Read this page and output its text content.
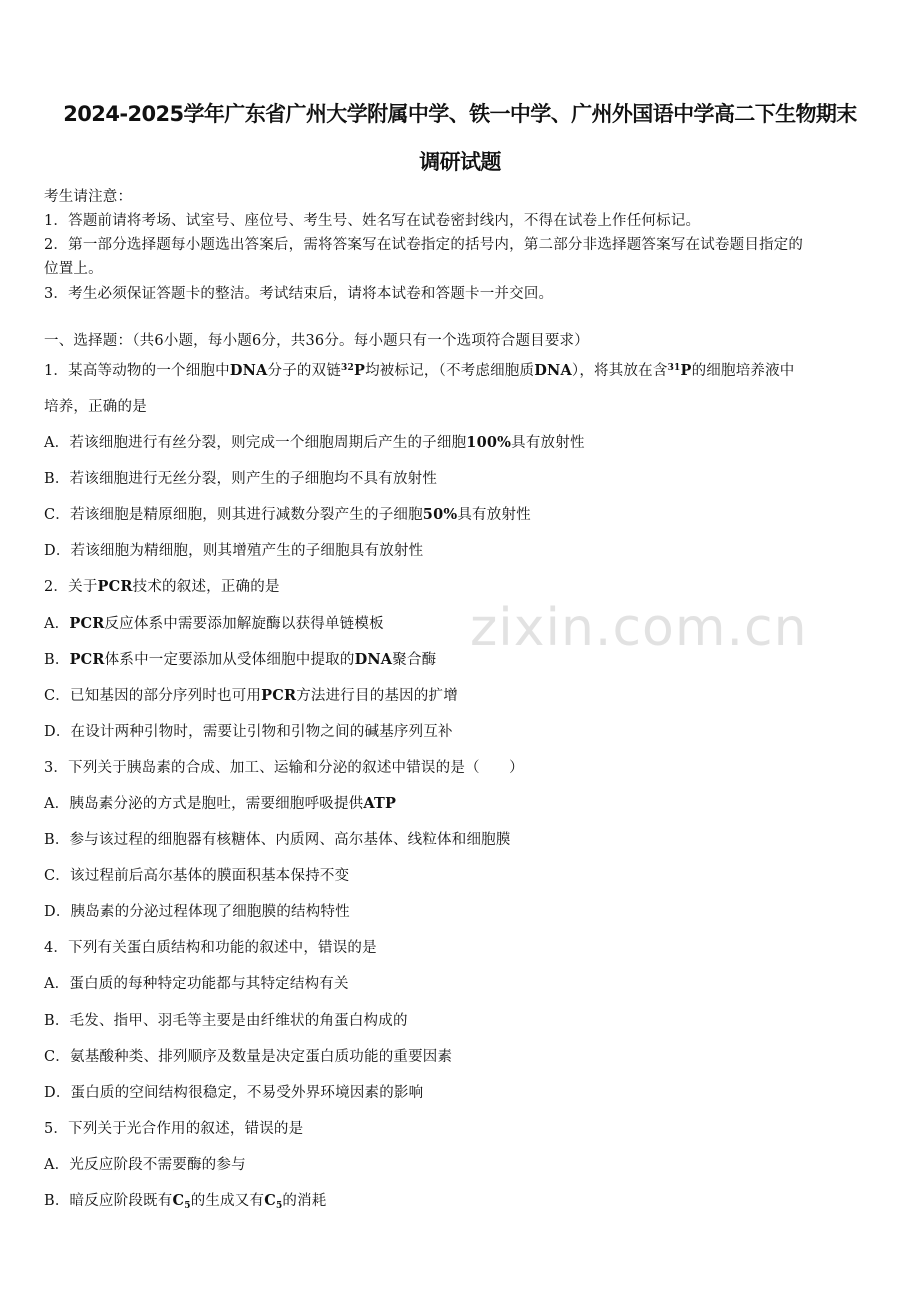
2024-2025学年广东省广州大学附属中学、铁一中学、广州外国语中学高二下生物期末
调研试题
考生请注意：
1．答题前请将考场、试室号、座位号、考生号、姓名写在试卷密封线内，不得在试卷上作任何标记。
2．第一部分选择题每小题选出答案后，需将答案写在试卷指定的括号内，第二部分非选择题答案写在试卷题目指定的
位置上。
3．考生必须保证答题卡的整洁。考试结束后，请将本试卷和答题卡一并交回。
一、选择题：（共6小题，每小题6分，共36分。每小题只有一个选项符合题目要求）
1．某高等动物的一个细胞中DNA分子的双链$^{32}$P均被标记，（不考虑细胞质DNA），将其放在含$^{31}$P的细胞培养液中
培养，正确的是
A．若该细胞进行有丝分裂，则完成一个细胞周期后产生的子细胞100%具有放射性
B．若该细胞进行无丝分裂，则产生的子细胞均不具有放射性
C．若该细胞是精原细胞，则其进行减数分裂产生的子细胞50%具有放射性
D．若该细胞为精细胞，则其增殖产生的子细胞具有放射性
2．关于PCR技术的叙述，正确的是
A．PCR反应体系中需要添加解旋酶以获得单链模板
B．PCR体系中一定要添加从受体细胞中提取的DNA聚合酶
C．已知基因的部分序列时也可用PCR方法进行目的基因的扩增
D．在设计两种引物时，需要让引物和引物之间的碱基序列互补
3．下列关于胰岛素的合成、加工、运输和分泌的叙述中错误的是（　　）
A．胰岛素分泌的方式是胞吐，需要细胞呼吸提供ATP
B．参与该过程的细胞器有核糖体、内质网、高尔基体、线粒体和细胞膜
C．该过程前后高尔基体的膜面积基本保持不变
D．胰岛素的分泌过程体现了细胞膜的结构特性
4．下列有关蛋白质结构和功能的叙述中，错误的是
A．蛋白质的每种特定功能都与其特定结构有关
B．毛发、指甲、羽毛等主要是由纤维状的角蛋白构成的
C．氨基酸种类、排列顺序及数量是决定蛋白质功能的重要因素
D．蛋白质的空间结构很稳定，不易受外界环境因素的影响
5．下列关于光合作用的叙述，错误的是
A．光反应阶段不需要酶的参与
B．暗反应阶段既有$C_5$的生成又有$C_5$的消耗
zixin.com.cn
